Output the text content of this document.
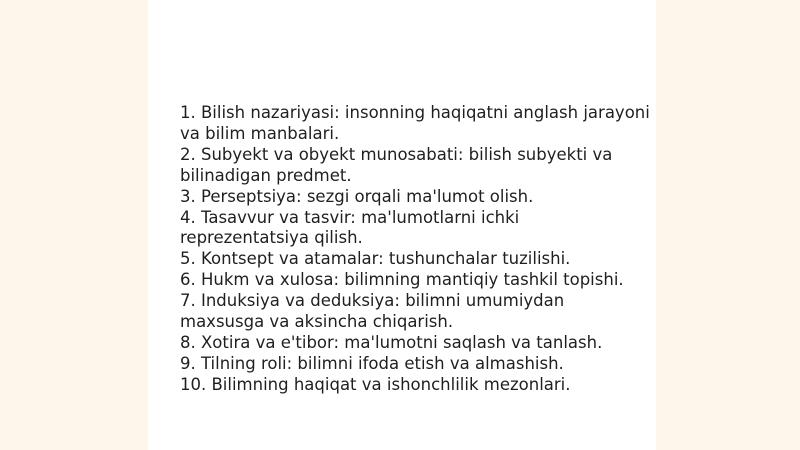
1. Bilish nazariyasi: insonning haqiqatni anglash jarayoni va bilim manbalari.
2. Subyekt va obyekt munosabati: bilish subyekti va bilinadigan predmet.
3. Perseptsiya: sezgi orqali ma'lumot olish.
4. Tasavvur va tasvir: ma'lumotlarni ichki reprezentatsiya qilish.
5. Kontsept va atamalar: tushunchalar tuzilishi.
6. Hukm va xulosa: bilimning mantiqiy tashkil topishi.
7. Induksiya va deduksiya: bilimni umumiydan maxsusga va aksincha chiqarish.
8. Xotira va e'tibor: ma'lumotni saqlash va tanlash.
9. Tilning roli: bilimni ifoda etish va almashish.
10. Bilimning haqiqat va ishonchlilik mezonlari.
